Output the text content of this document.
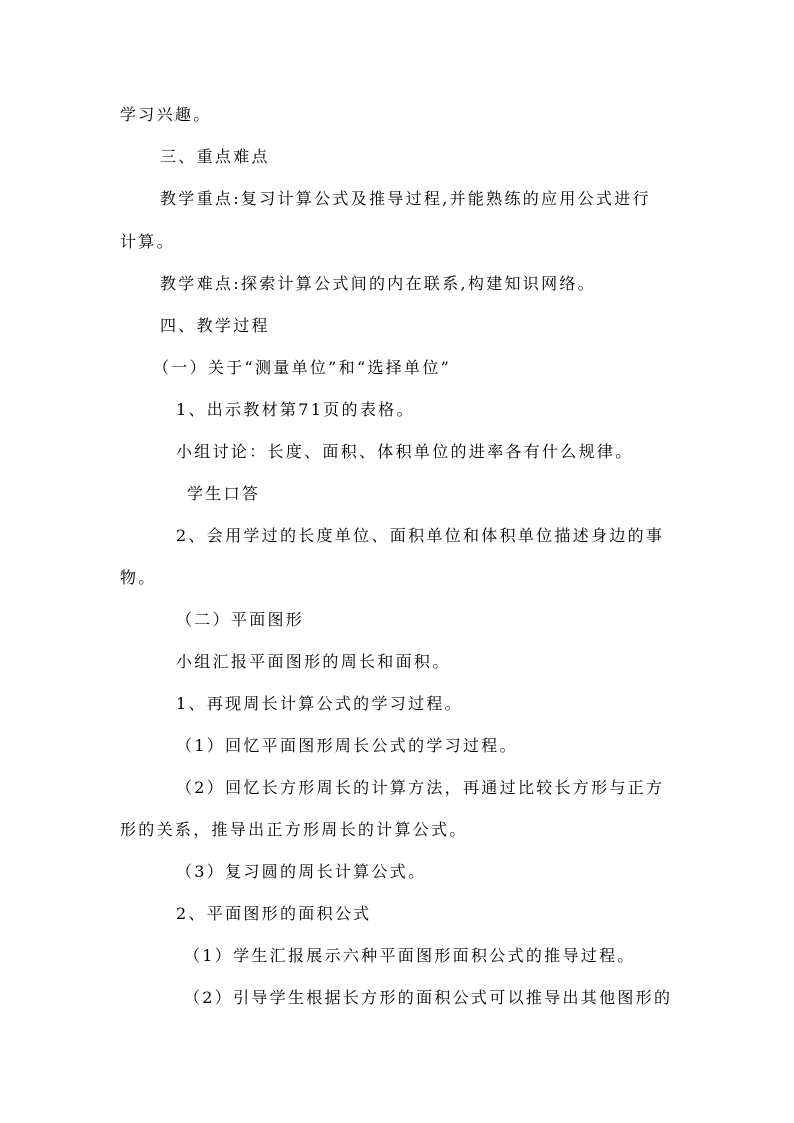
学习兴趣。
三、重点难点
教学重点:复习计算公式及推导过程,并能熟练的应用公式进行
计算。
教学难点:探索计算公式间的内在联系,构建知识网络。
四、教学过程
（一）关于“测量单位”和“选择单位”
1、出示教材第71页的表格。
小组讨论：长度、面积、体积单位的进率各有什么规律。
学生口答
2、会用学过的长度单位、面积单位和体积单位描述身边的事
物。
（二）平面图形
小组汇报平面图形的周长和面积。
1、再现周长计算公式的学习过程。
（1）回忆平面图形周长公式的学习过程。
（2）回忆长方形周长的计算方法，再通过比较长方形与正方
形的关系，推导出正方形周长的计算公式。
（3）复习圆的周长计算公式。
2、平面图形的面积公式
（1）学生汇报展示六种平面图形面积公式的推导过程。
（2）引导学生根据长方形的面积公式可以推导出其他图形的
